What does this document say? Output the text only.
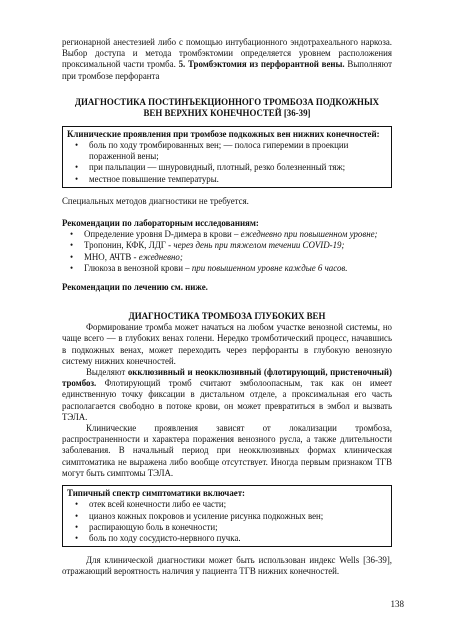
регионарной анестезией либо с помощью интубационного эндотрахеального наркоза. Выбор доступа и метода тромбэктомии определяется уровнем расположения проксимальной части тромба. 5. Тромбэктомия из перфорантной вены. Выполняют при тромбозе перфоранта

ДИАГНОСТИКА ПОСТИНЪЕКЦИОННОГО ТРОМБОЗА ПОДКОЖНЫХ ВЕН ВЕРХНИХ КОНЕЧНОСТЕЙ [36-39]

Клинические проявления при тромбозе подкожных вен нижних конечностей:
• боль по ходу тромбированных вен; — полоса гиперемии в проекции пораженной вены;
• при пальпации — шнуровидный, плотный, резко болезненный тяж;
• местное повышение температуры.

Специальных методов диагностики не требуется.

Рекомендации по лабораторным исследованиям:
• Определение уровня D-димера в крови – ежедневно при повышенном уровне;
• Тропонин, КФК, ЛДГ - через день при тяжелом течении COVID-19;
• МНО, АЧТВ - ежедневно;
• Глюкоза в венозной крови – при повышенном уровне каждые 6 часов.
Рекомендации по лечению см. ниже.

ДИАГНОСТИКА ТРОМБОЗА ГЛУБОКИХ ВЕН

Формирование тромба может начаться на любом участке венозной системы, но чаще всего — в глубоких венах голени. Нередко тромботический процесс, начавшись в подкожных венах, может переходить через перфоранты в глубокую венозную систему нижних конечностей.

Выделяют окклюзивный и неокклюзивный (флотирующий, пристеночный) тромбоз. Флотирующий тромб считают эмболоопасным, так как он имеет единственную точку фиксации в дистальном отделе, а проксимальная его часть располагается свободно в потоке крови, он может превратиться в эмбол и вызвать ТЭЛА.

Клинические проявления зависят от локализации тромбоза, распространенности и характера поражения венозного русла, а также длительности заболевания. В начальный период при неокклюзивных формах клиническая симптоматика не выражена либо вообще отсутствует. Иногда первым признаком ТГВ могут быть симптомы ТЭЛА.

Типичный спектр симптоматики включает:
• отек всей конечности либо ее части;
• цианоз кожных покровов и усиление рисунка подкожных вен;
• распирающую боль в конечности;
• боль по ходу сосудисто-нервного пучка.

Для клинической диагностики может быть использован индекс Wells [36-39], отражающий вероятность наличия у пациента ТГВ нижних конечностей.

138
